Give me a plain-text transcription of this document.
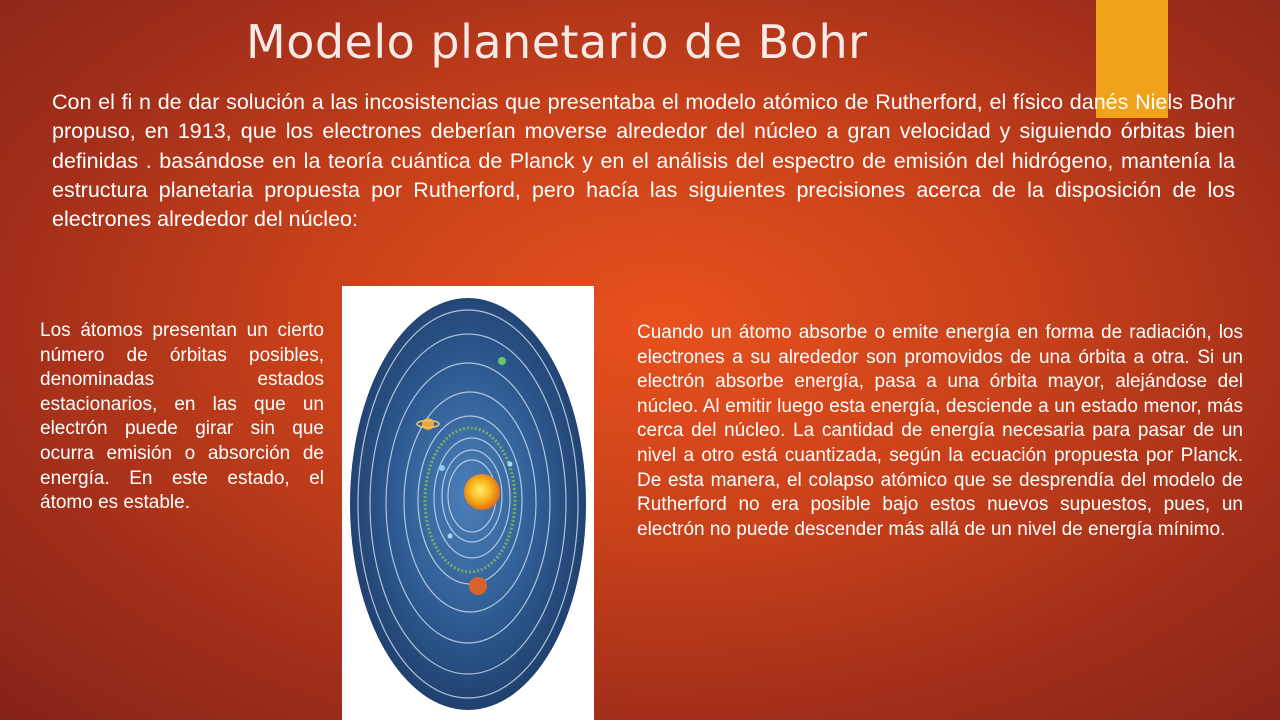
Modelo planetario de Bohr

Con el fi n de dar solución a las incosistencias que presentaba el modelo atómico de Rutherford, el físico danés Niels Bohr propuso, en 1913, que los electrones deberían moverse alrededor del núcleo a gran velocidad y siguiendo órbitas bien definidas . basándose en la teoría cuántica de Planck y en el análisis del espectro de emisión del hidrógeno, mantenía la estructura planetaria propuesta por Rutherford, pero hacía las siguientes precisiones acerca de la disposición de los electrones alrededor del núcleo:

Los átomos presentan un cierto número de órbitas posibles, denominadas estados estacionarios, en las que un electrón puede girar sin que ocurra emisión o absorción de energía. En este estado, el átomo es estable.

Cuando un átomo absorbe o emite energía en forma de radiación, los electrones a su alrededor son promovidos de una órbita a otra. Si un electrón absorbe energía, pasa a una órbita mayor, alejándose del núcleo. Al emitir luego esta energía, desciende a un estado menor, más cerca del núcleo. La cantidad de energía necesaria para pasar de un nivel a otro está cuantizada, según la ecuación propuesta por Planck. De esta manera, el colapso atómico que se desprendía del modelo de Rutherford no era posible bajo estos nuevos supuestos, pues, un electrón no puede descender más allá de un nivel de energía mínimo.
